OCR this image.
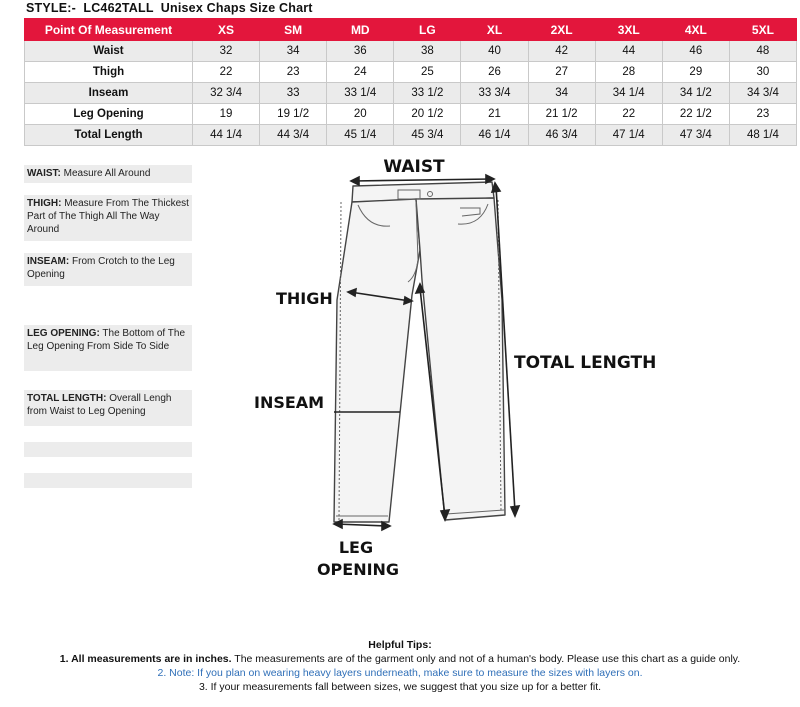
STYLE:-  LC462TALL  Unisex Chaps Size Chart
Point Of Measurement	XS	SM	MD	LG	XL	2XL	3XL	4XL	5XL
Waist	32	34	36	38	40	42	44	46	48
Thigh	22	23	24	25	26	27	28	29	30
Inseam	32 3/4	33	33 1/4	33 1/2	33 3/4	34	34 1/4	34 1/2	34 3/4
Leg Opening	19	19 1/2	20	20 1/2	21	21 1/2	22	22 1/2	23
Total Length	44 1/4	44 3/4	45 1/4	45 3/4	46 1/4	46 3/4	47 1/4	47 3/4	48 1/4
WAIST: Measure All Around
THIGH: Measure From The Thickest Part of The Thigh All The Way Around
INSEAM: From Crotch to the Leg Opening
LEG OPENING: The Bottom of The Leg Opening From Side To Side
TOTAL LENGTH: Overall Lengh from Waist to Leg Opening
WAIST
THIGH
INSEAM
TOTAL LENGTH
LEG
OPENING
Helpful Tips:
1. All measurements are in inches. The measurements are of the garment only and not of a human's body. Please use this chart as a guide only.
2. Note: If you plan on wearing heavy layers underneath, make sure to measure the sizes with layers on.
3. If your measurements fall between sizes, we suggest that you size up for a better fit.
